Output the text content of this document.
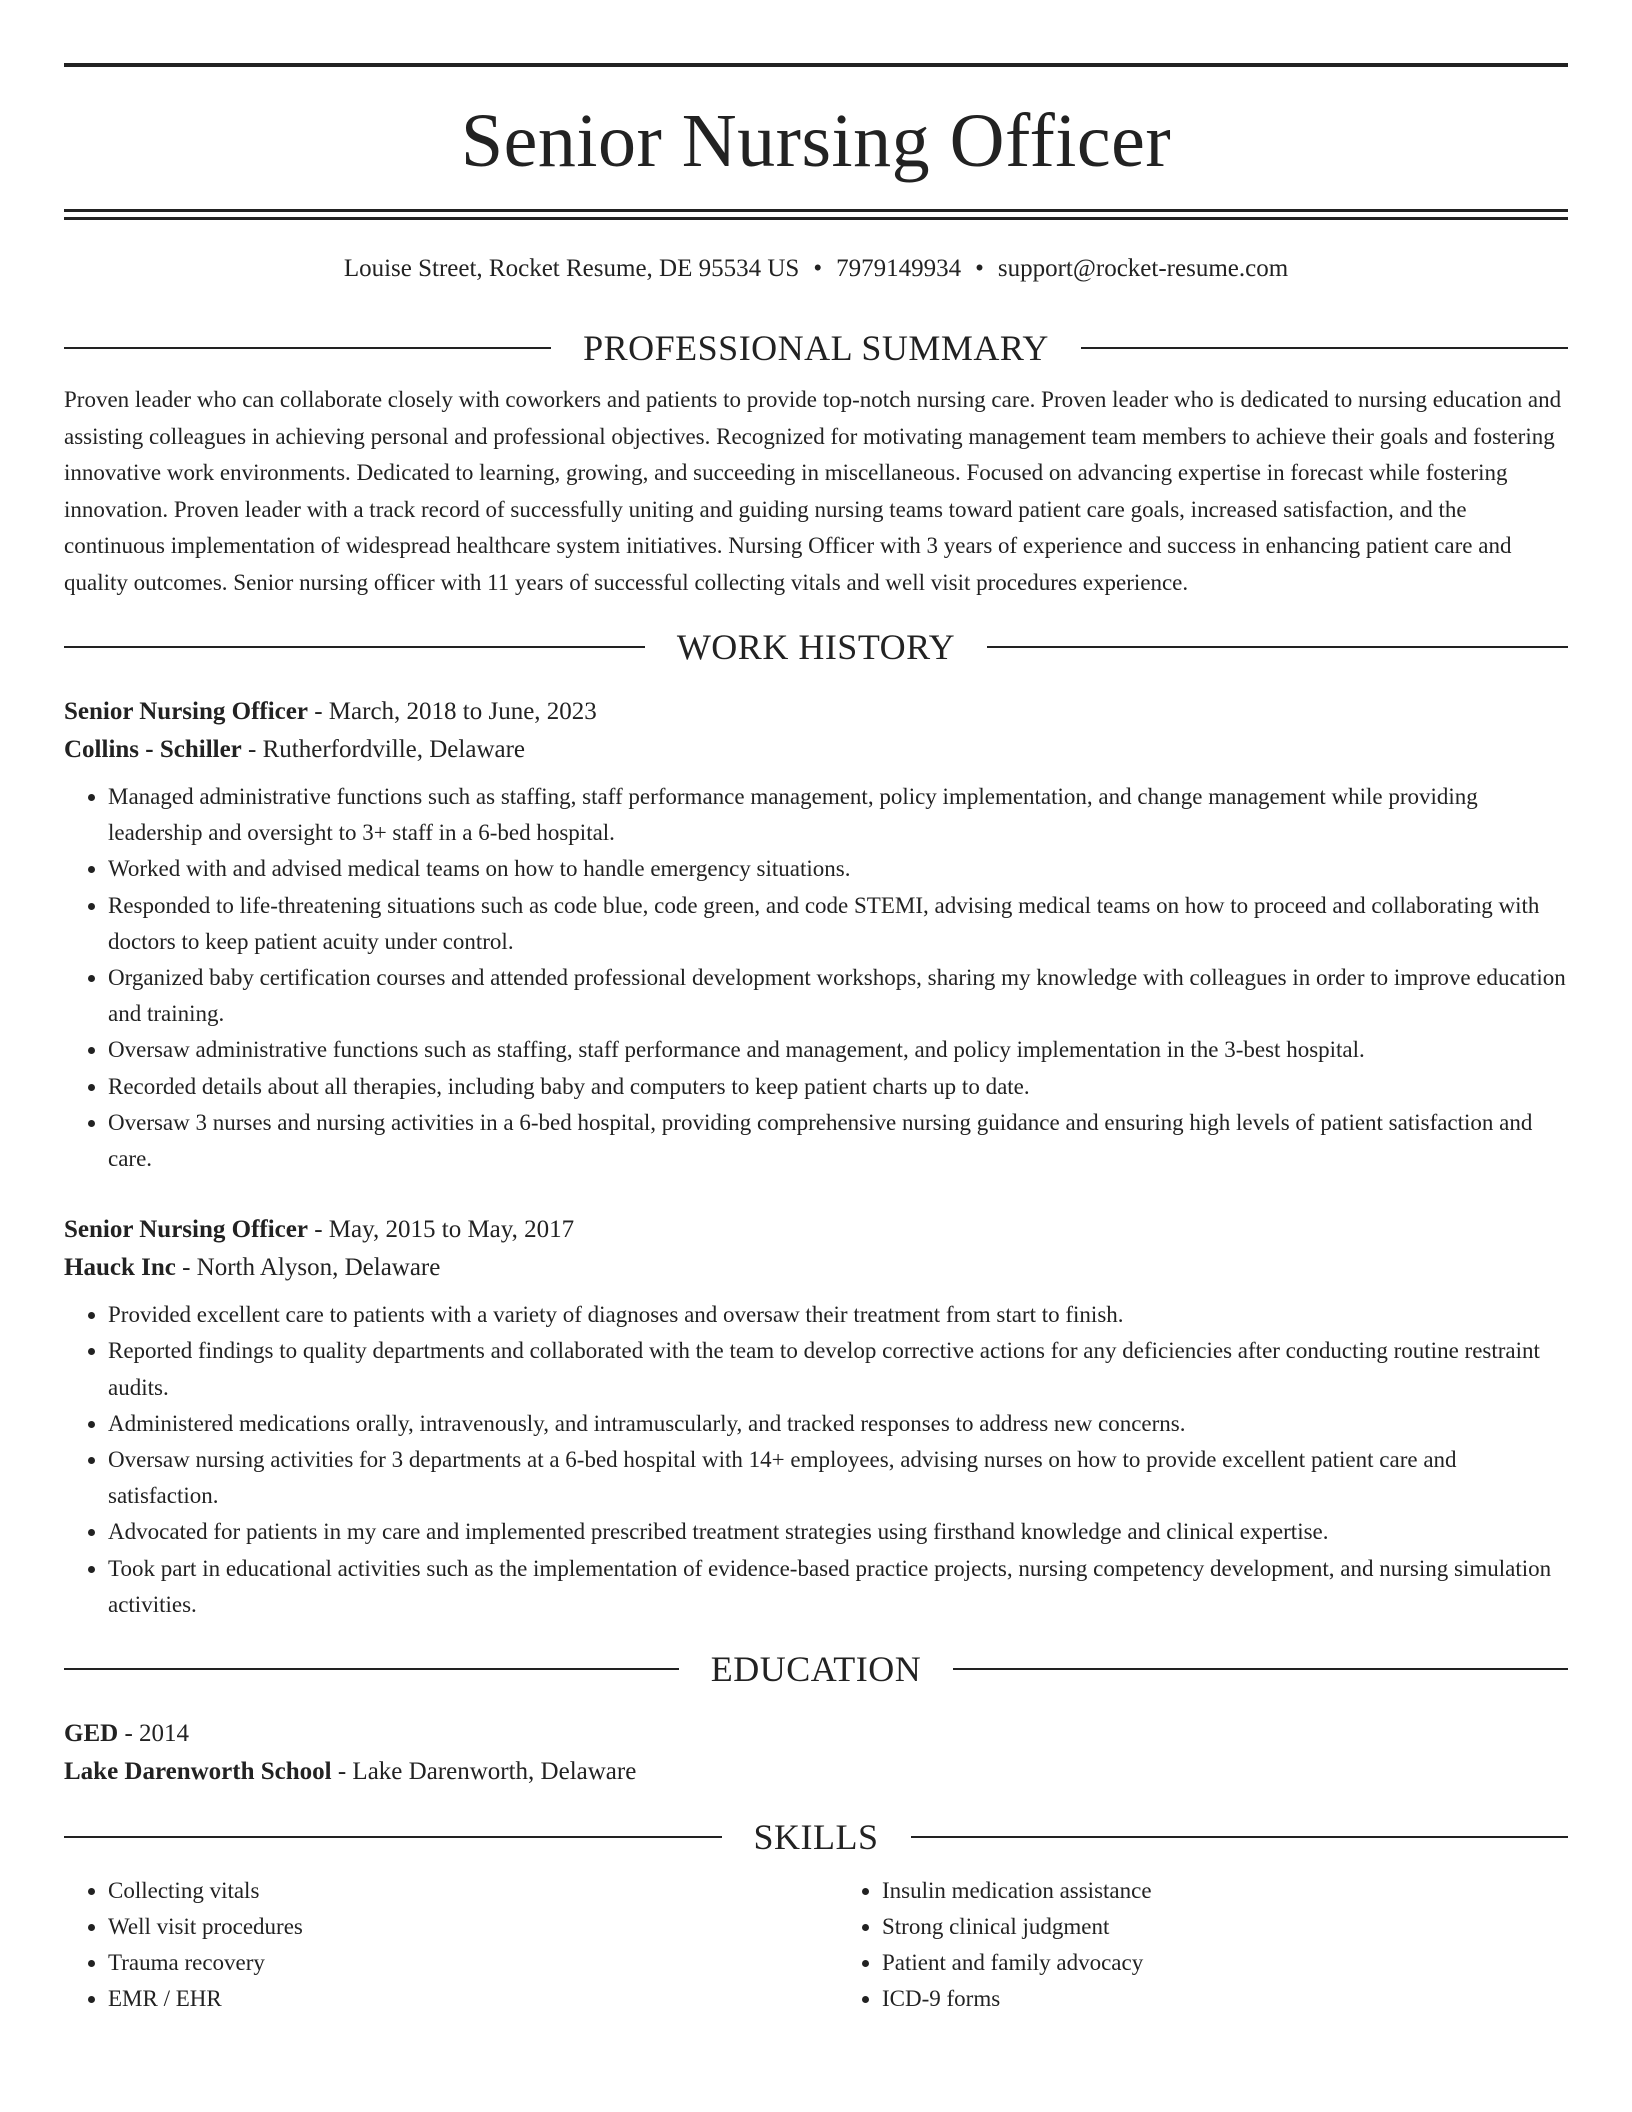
Senior Nursing Officer
Louise Street, Rocket Resume, DE 95534 US • 7979149934 • support@rocket-resume.com
PROFESSIONAL SUMMARY
Proven leader who can collaborate closely with coworkers and patients to provide top-notch nursing care. Proven leader who is dedicated to nursing education and assisting colleagues in achieving personal and professional objectives. Recognized for motivating management team members to achieve their goals and fostering innovative work environments. Dedicated to learning, growing, and succeeding in miscellaneous. Focused on advancing expertise in forecast while fostering innovation. Proven leader with a track record of successfully uniting and guiding nursing teams toward patient care goals, increased satisfaction, and the continuous implementation of widespread healthcare system initiatives. Nursing Officer with 3 years of experience and success in enhancing patient care and quality outcomes. Senior nursing officer with 11 years of successful collecting vitals and well visit procedures experience.
WORK HISTORY
Senior Nursing Officer - March, 2018 to June, 2023
Collins - Schiller - Rutherfordville, Delaware
• Managed administrative functions such as staffing, staff performance management, policy implementation, and change management while providing leadership and oversight to 3+ staff in a 6-bed hospital.
• Worked with and advised medical teams on how to handle emergency situations.
• Responded to life-threatening situations such as code blue, code green, and code STEMI, advising medical teams on how to proceed and collaborating with doctors to keep patient acuity under control.
• Organized baby certification courses and attended professional development workshops, sharing my knowledge with colleagues in order to improve education and training.
• Oversaw administrative functions such as staffing, staff performance and management, and policy implementation in the 3-best hospital.
• Recorded details about all therapies, including baby and computers to keep patient charts up to date.
• Oversaw 3 nurses and nursing activities in a 6-bed hospital, providing comprehensive nursing guidance and ensuring high levels of patient satisfaction and care.
Senior Nursing Officer - May, 2015 to May, 2017
Hauck Inc - North Alyson, Delaware
• Provided excellent care to patients with a variety of diagnoses and oversaw their treatment from start to finish.
• Reported findings to quality departments and collaborated with the team to develop corrective actions for any deficiencies after conducting routine restraint audits.
• Administered medications orally, intravenously, and intramuscularly, and tracked responses to address new concerns.
• Oversaw nursing activities for 3 departments at a 6-bed hospital with 14+ employees, advising nurses on how to provide excellent patient care and satisfaction.
• Advocated for patients in my care and implemented prescribed treatment strategies using firsthand knowledge and clinical expertise.
• Took part in educational activities such as the implementation of evidence-based practice projects, nursing competency development, and nursing simulation activities.
EDUCATION
GED - 2014
Lake Darenworth School - Lake Darenworth, Delaware
SKILLS
• Collecting vitals
• Well visit procedures
• Trauma recovery
• EMR / EHR
• Insulin medication assistance
• Strong clinical judgment
• Patient and family advocacy
• ICD-9 forms
